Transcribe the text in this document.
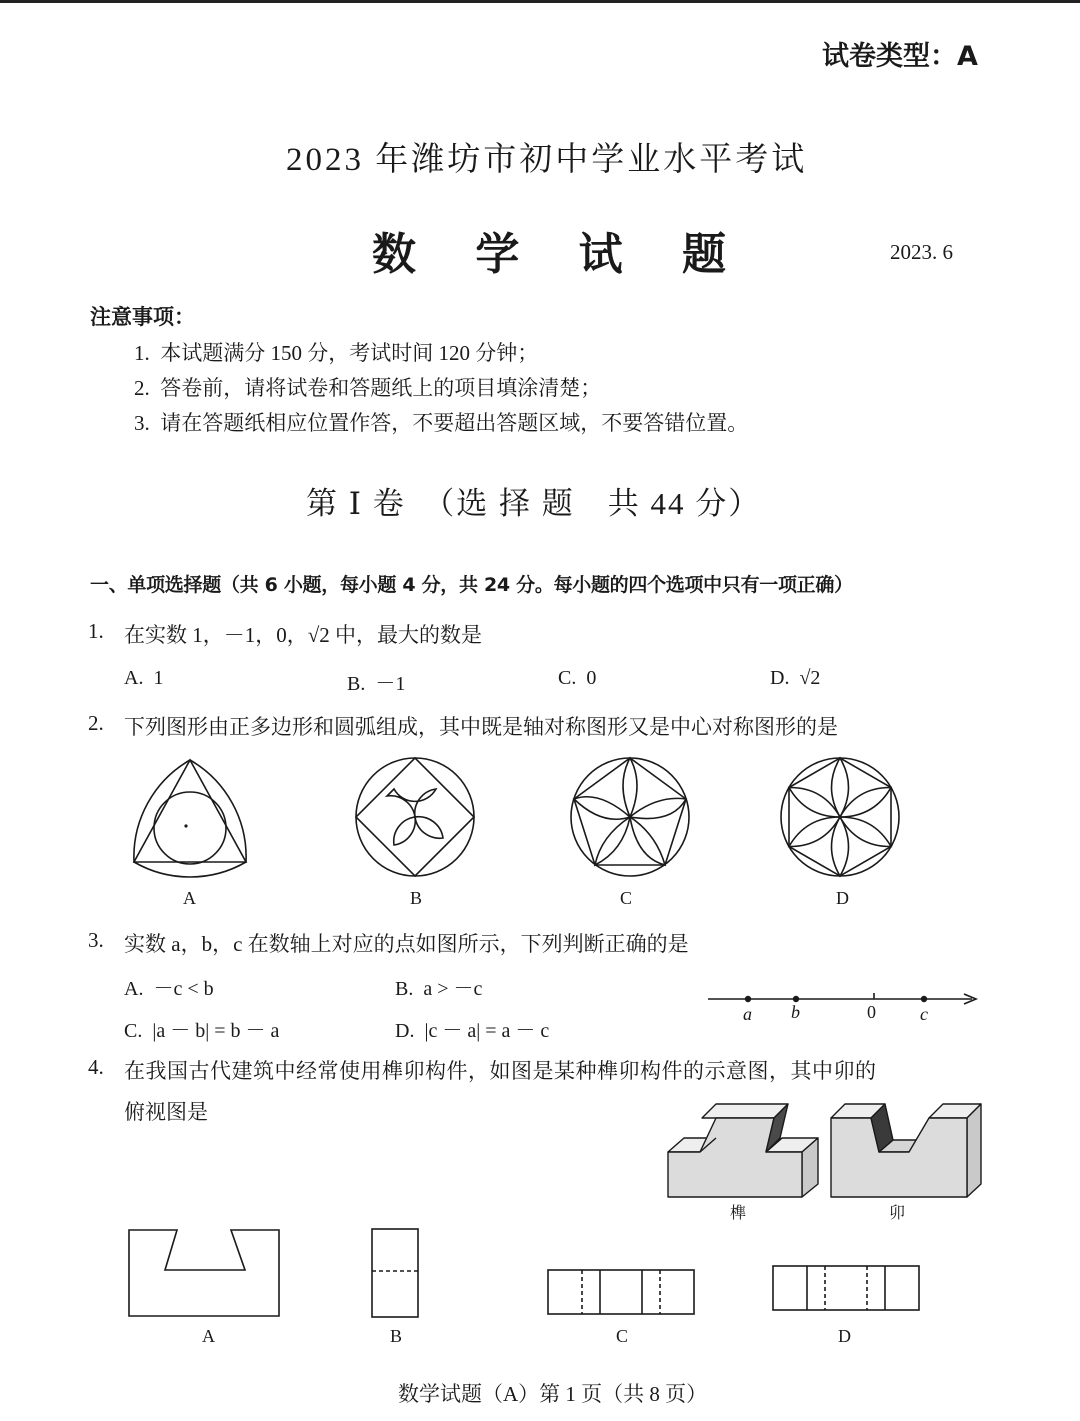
试卷类型：A
2023 年潍坊市初中学业水平考试
数 学 试 题	2023. 6
注意事项：
1.  本试题满分 150 分，考试时间 120 分钟；
2.  答卷前，请将试卷和答题纸上的项目填涂清楚；
3.  请在答题纸相应位置作答，不要超出答题区域，不要答错位置。
第 Ⅰ 卷　（选 择 题　共 44 分）
一、单项选择题（共 6 小题，每小题 4 分，共 24 分。每小题的四个选项中只有一项正确）
1. 在实数 1，－1，0，√2 中，最大的数是
A.  1	B.  －1	C.  0	D.  √2
2. 下列图形由正多边形和圆弧组成，其中既是轴对称图形又是中心对称图形的是
A	B	C	D
3. 实数 a，b，c 在数轴上对应的点如图所示，下列判断正确的是
A.  －c < b	B.  a > －c
C.  |a － b| = b － a	D.  |c － a| = a － c
a b	0 c
4. 在我国古代建筑中经常使用榫卯构件，如图是某种榫卯构件的示意图，其中卯的
俯视图是
榫	卯
A	B	C	D
数学试题（A）第 1 页（共 8 页）
